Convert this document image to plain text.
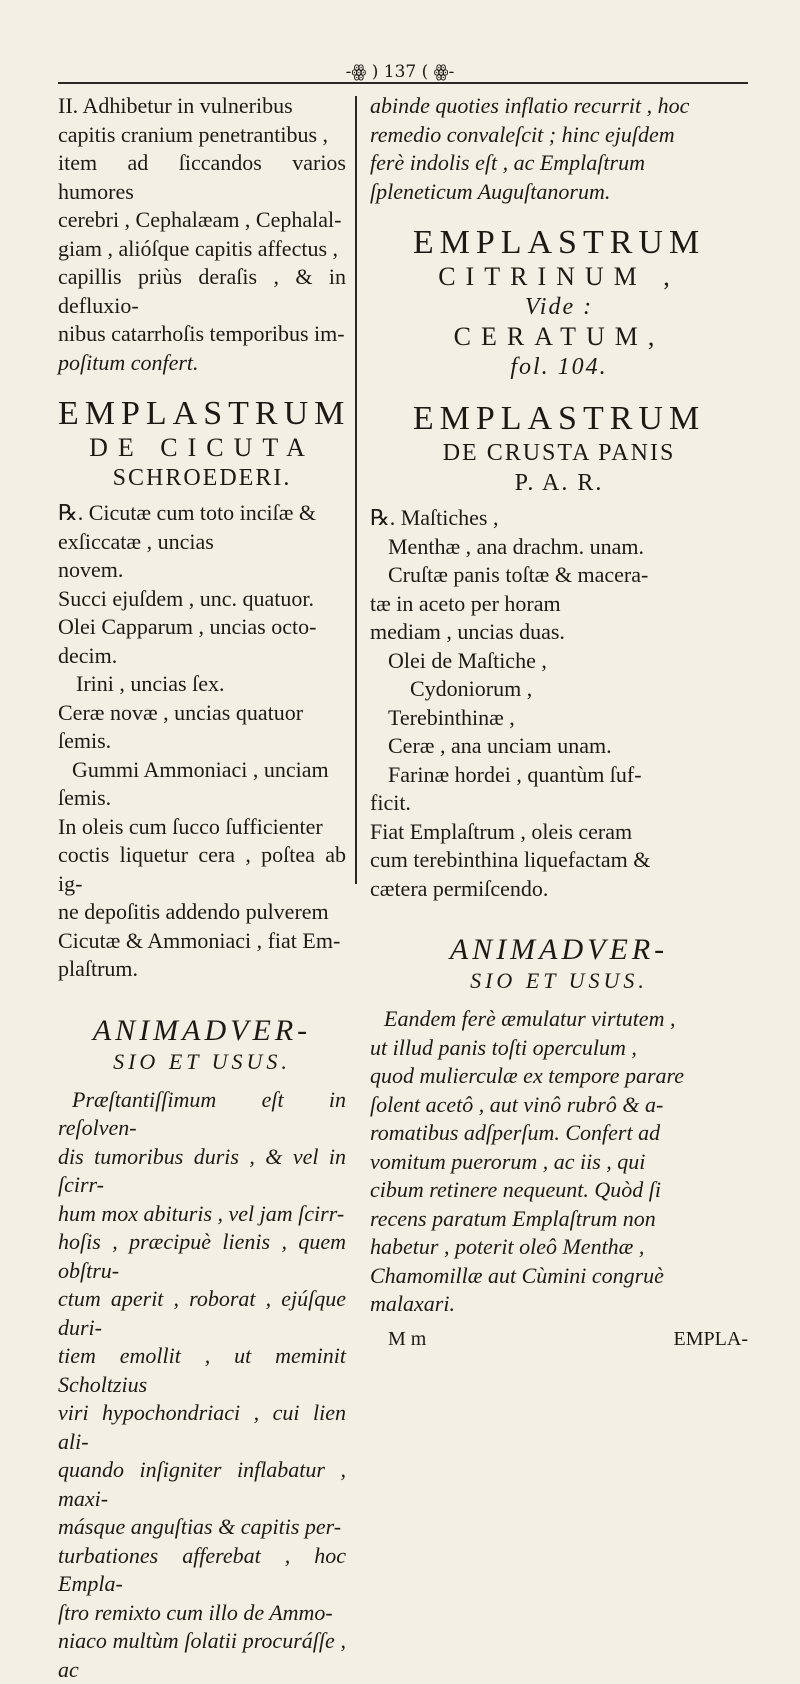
-ꙮ ) 137 ( ꙮ-

II. Adhibetur in vulneribus

capitis cranium penetrantibus ,

item ad ſiccandos varios humores

cerebri , Cephalæam , Cephalal-

giam , alióſque capitis affectus ,

capillis priùs deraſis , & in defluxio-

nibus catarrhoſis temporibus im-

poſitum confert.

EMPLASTRUM
DE CICUTA
SCHROEDERI.

℞. Cicutæ cum toto inciſæ &

exſiccatæ , uncias

novem.

Succi ejuſdem , unc. quatuor.

Olei Capparum , uncias octo-

decim.

Irini , uncias ſex.

Ceræ novæ , uncias quatuor

ſemis.

Gummi Ammoniaci , unciam

ſemis.

In oleis cum ſucco ſufficienter

coctis liquetur cera , poſtea ab ig-

ne depoſitis addendo pulverem

Cicutæ & Ammoniaci , fiat Em-

plaſtrum.

ANIMADVER-
SIO ET USUS.

Præſtantiſſimum eſt in reſolven-

dis tumoribus duris , & vel in ſcirr-

hum mox abituris , vel jam ſcirr-

hoſis , præcipuè lienis , quem obſtru-

ctum aperit , roborat , ejúſque duri-

tiem emollit , ut meminit Scholtzius

viri hypochondriaci , cui lien ali-

quando inſigniter inflabatur , maxi-

másque anguſtias & capitis per-

turbationes afferebat , hoc Empla-

ſtro remixto cum illo de Ammo-

niaco multùm ſolatii procuráſſe , ac

abinde quoties inflatio recurrit , hoc

remedio convaleſcit ; hinc ejuſdem

ferè indolis eſt , ac Emplaſtrum

ſpleneticum Auguſtanorum.

EMPLASTRUM
CITRINUM ,
Vide :
CERATUM,
fol. 104.
EMPLASTRUM
DE CRUSTA PANIS
P. A. R.

℞. Maſtiches ,

Menthæ , ana drachm. unam.

Cruſtæ panis toſtæ & macera-

tæ in aceto per horam

mediam , uncias duas.

Olei de Maſtiche ,

Cydoniorum ,

Terebinthinæ ,

Ceræ , ana unciam unam.

Farinæ hordei , quantùm ſuf-

ficit.

Fiat Emplaſtrum , oleis ceram

cum terebinthina liquefactam &

cætera permiſcendo.

ANIMADVER-
SIO ET USUS.

Eandem ferè æmulatur virtutem ,

ut illud panis toſti operculum ,

quod mulierculæ ex tempore parare

ſolent acetô , aut vinô rubrô & a-

romatibus adſperſum. Confert ad

vomitum puerorum , ac iis , qui

cibum retinere nequeunt. Quòd ſi

recens paratum Emplaſtrum non

habetur , poterit oleô Menthæ ,

Chamomillæ aut Cùmini congruè

malaxari.

M m	EMPLA-
